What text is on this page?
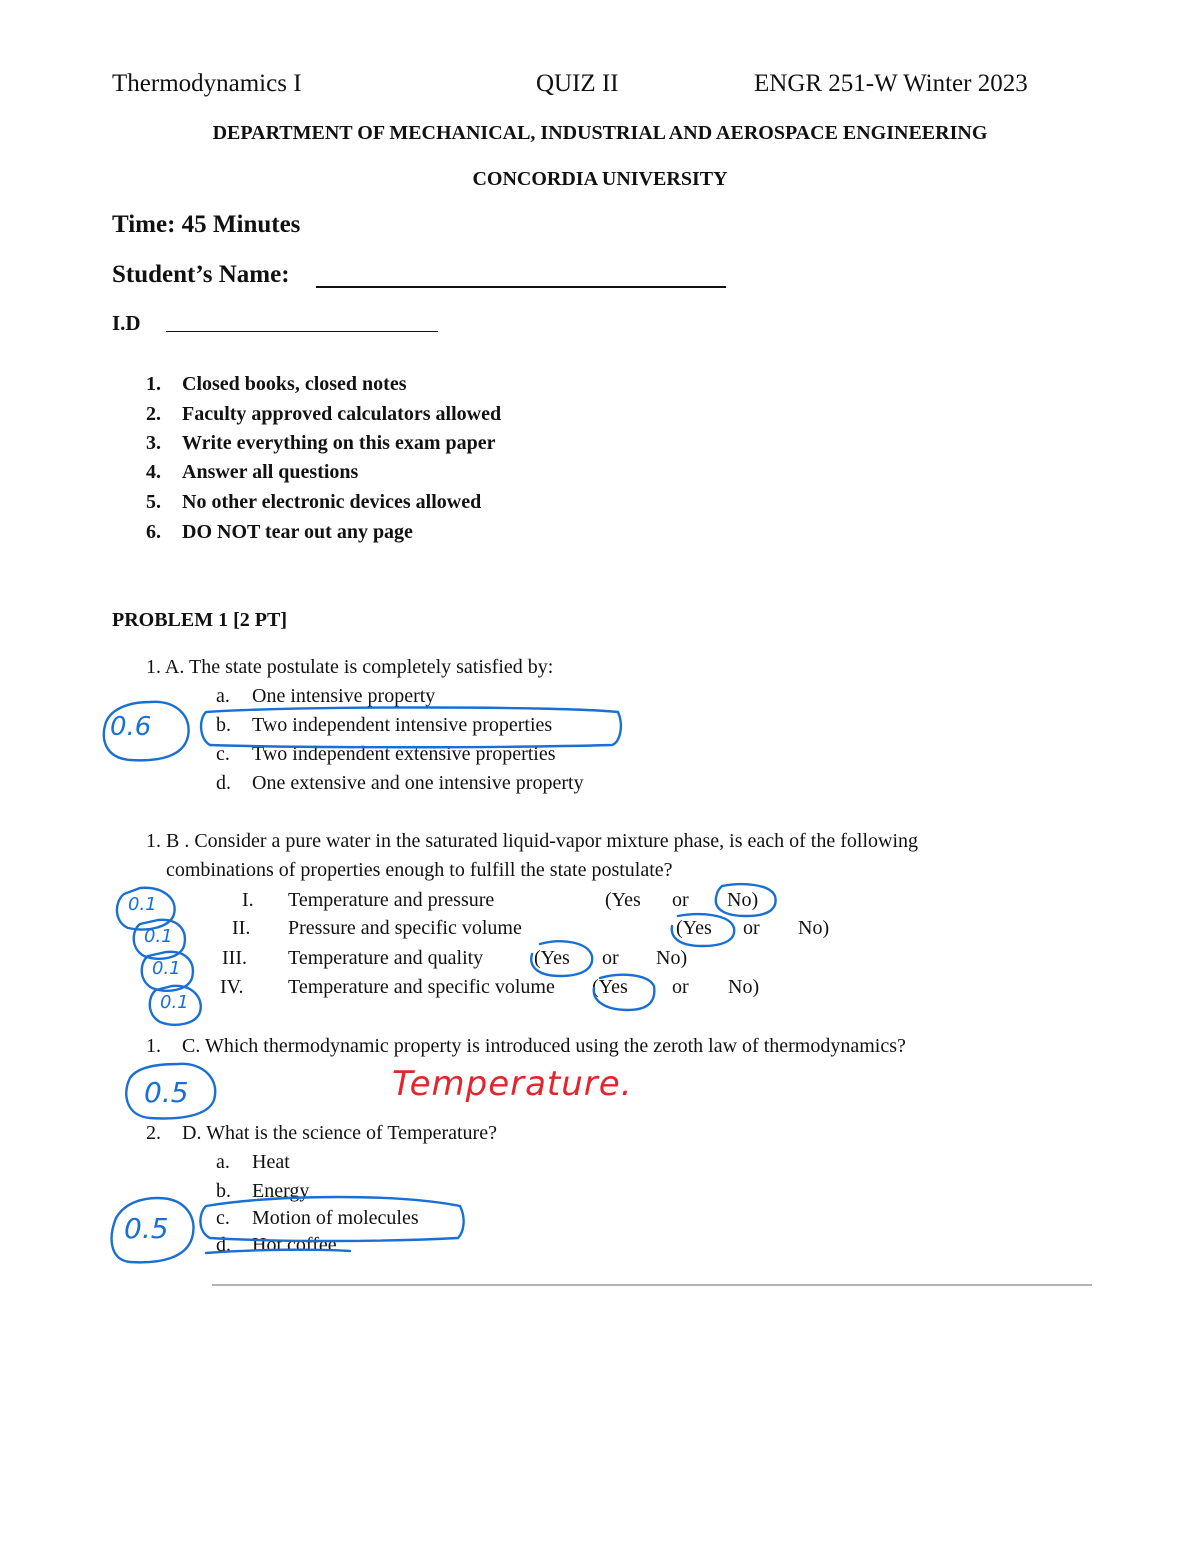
Thermodynamics I	QUIZ II	ENGR 251-W Winter 2023
DEPARTMENT OF MECHANICAL, INDUSTRIAL AND AEROSPACE ENGINEERING
CONCORDIA UNIVERSITY
Time: 45 Minutes
Student’s Name:
I.D
1. Closed books, closed notes
2. Faculty approved calculators allowed
3. Write everything on this exam paper
4. Answer all questions
5. No other electronic devices allowed
6. DO NOT tear out any page
PROBLEM 1 [2 PT]
1. A. The state postulate is completely satisfied by:
a. One intensive property
b. Two independent intensive properties
c. Two independent extensive properties
d. One extensive and one intensive property
1. B . Consider a pure water in the saturated liquid-vapor mixture phase, is each of the following
combinations of properties enough to fulfill the state postulate?
I. Temperature and pressure	(Yes or No)
II. Pressure and specific volume	(Yes or No)
III. Temperature and quality	(Yes or No)
IV. Temperature and specific volume (Yes or No)
1. C. Which thermodynamic property is introduced using the zeroth law of thermodynamics?
Temperature.
2. D. What is the science of Temperature?
a. Heat
b. Energy
c. Motion of molecules
d. Hot coffee
0.6
0.1
0.1
0.1
0.1
0.5
0.5
